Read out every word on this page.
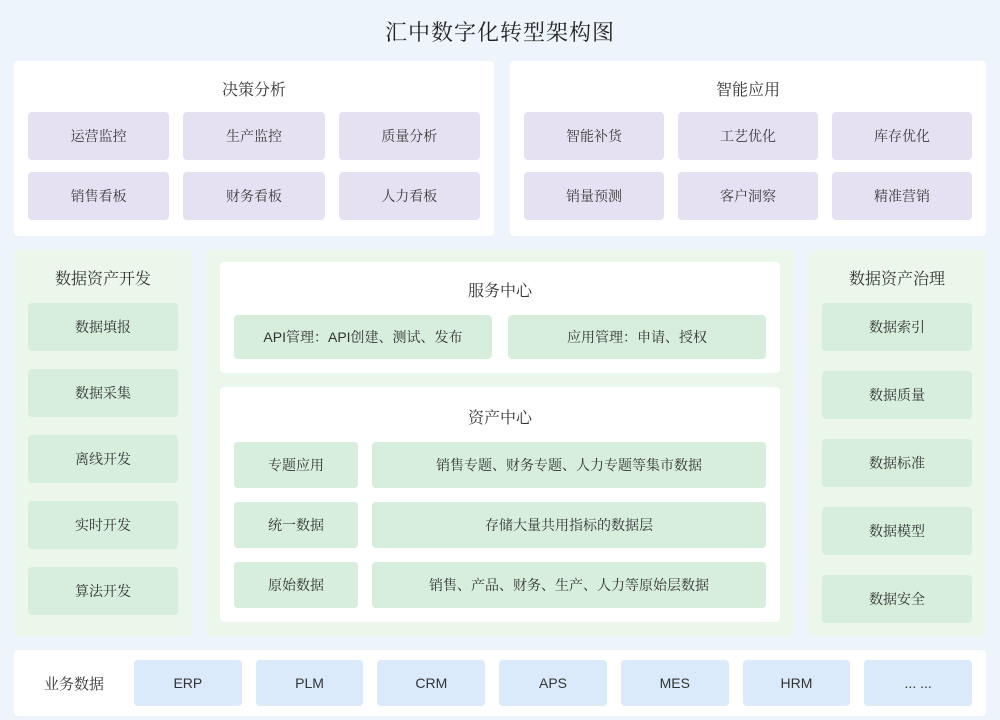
汇中数字化转型架构图
决策分析
运营监控	生产监控	质量分析
销售看板	财务看板	人力看板
智能应用
智能补货	工艺优化	库存优化
销量预测	客户洞察	精准营销
数据资产开发
数据填报
数据采集
离线开发
实时开发
算法开发
服务中心
API管理：API创建、测试、发布	应用管理：申请、授权
资产中心
专题应用	销售专题、财务专题、人力专题等集市数据
统一数据	存储大量共用指标的数据层
原始数据	销售、产品、财务、生产、人力等原始层数据
数据资产治理
数据索引
数据质量
数据标准
数据模型
数据安全
业务数据	ERP	PLM	CRM	APS	MES	HRM	... ...
